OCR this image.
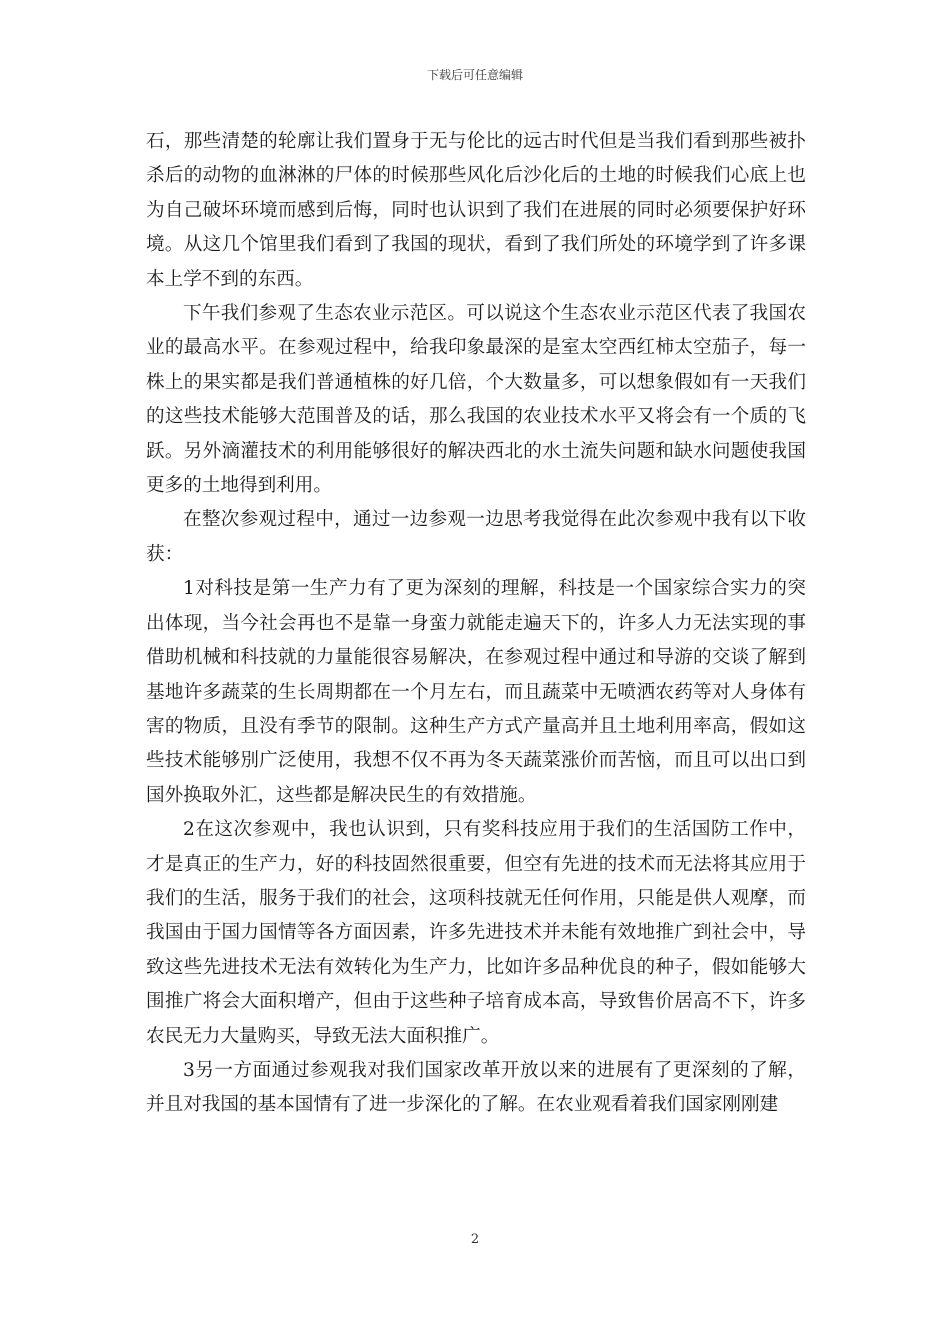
下载后可任意编辑

石，那些清楚的轮廓让我们置身于无与伦比的远古时代但是当我们看到那些被扑杀后的动物的血淋淋的尸体的时候那些风化后沙化后的土地的时候我们心底上也为自己破坏环境而感到后悔，同时也认识到了我们在进展的同时必须要保护好环境。从这几个馆里我们看到了我国的现状，看到了我们所处的环境学到了许多课本上学不到的东西。

下午我们参观了生态农业示范区。可以说这个生态农业示范区代表了我国农业的最高水平。在参观过程中，给我印象最深的是室太空西红柿太空茄子，每一株上的果实都是我们普通植株的好几倍，个大数量多，可以想象假如有一天我们的这些技术能够大范围普及的话，那么我国的农业技术水平又将会有一个质的飞跃。另外滴灌技术的利用能够很好的解决西北的水土流失问题和缺水问题使我国更多的土地得到利用。

在整次参观过程中，通过一边参观一边思考我觉得在此次参观中我有以下收获：

1对科技是第一生产力有了更为深刻的理解，科技是一个国家综合实力的突出体现，当今社会再也不是靠一身蛮力就能走遍天下的，许多人力无法实现的事借助机械和科技就的力量能很容易解决，在参观过程中通过和导游的交谈了解到基地许多蔬菜的生长周期都在一个月左右，而且蔬菜中无喷洒农药等对人身体有害的物质，且没有季节的限制。这种生产方式产量高并且土地利用率高，假如这些技术能够別广泛使用，我想不仅不再为冬天蔬菜涨价而苦恼，而且可以出口到国外换取外汇，这些都是解决民生的有效措施。

2在这次参观中，我也认识到，只有奖科技应用于我们的生活国防工作中，才是真正的生产力，好的科技固然很重要，但空有先进的技术而无法将其应用于我们的生活，服务于我们的社会，这项科技就无任何作用，只能是供人观摩，而我国由于国力国情等各方面因素，许多先进技术并未能有效地推广到社会中，导致这些先进技术无法有效转化为生产力，比如许多品种优良的种子，假如能够大围推广将会大面积增产，但由于这些种子培育成本高，导致售价居高不下，许多农民无力大量购买，导致无法大面积推广。

3另一方面通过参观我对我们国家改革开放以来的进展有了更深刻的了解，并且对我国的基本国情有了进一步深化的了解。在农业观看着我们国家刚刚建

2
